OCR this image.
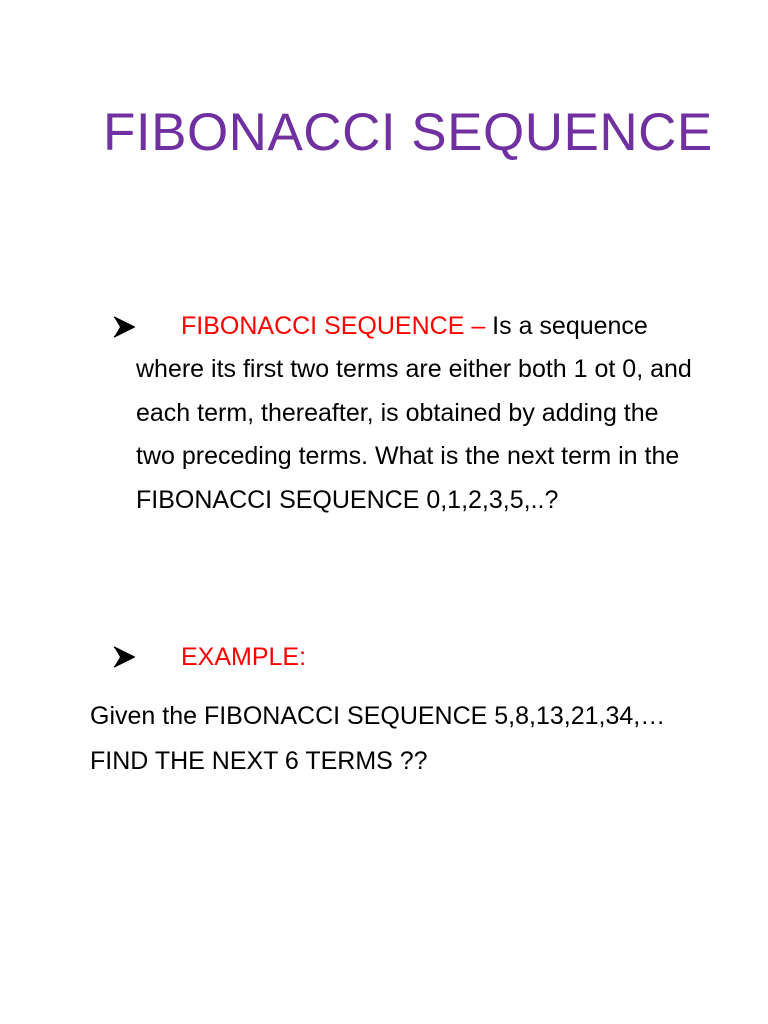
FIBONACCI SEQUENCE

FIBONACCI SEQUENCE – Is a sequence where its first two terms are either both 1 ot 0, and each term, thereafter, is obtained by adding the two preceding terms. What is the next term in the FIBONACCI SEQUENCE 0,1,2,3,5,..?

EXAMPLE:

Given the FIBONACCI SEQUENCE 5,8,13,21,34,…
FIND THE NEXT 6 TERMS ??
